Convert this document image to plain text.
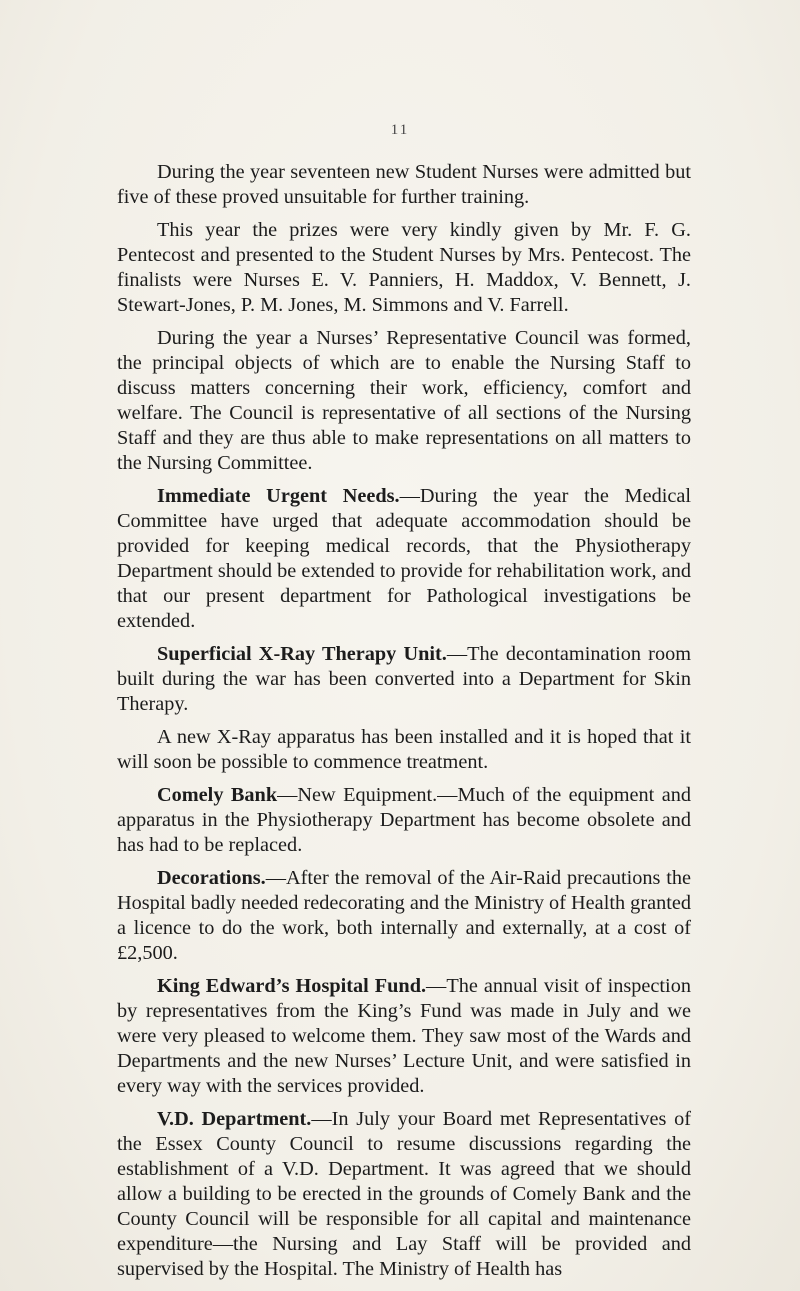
11

During the year seventeen new Student Nurses were admitted but five of these proved unsuitable for further training.

This year the prizes were very kindly given by Mr. F. G. Pentecost and presented to the Student Nurses by Mrs. Pentecost. The finalists were Nurses E. V. Panniers, H. Maddox, V. Bennett, J. Stewart-Jones, P. M. Jones, M. Simmons and V. Farrell.

During the year a Nurses’ Representative Council was formed, the principal objects of which are to enable the Nursing Staff to discuss matters concerning their work, efficiency, comfort and welfare. The Council is representative of all sections of the Nursing Staff and they are thus able to make representations on all matters to the Nursing Committee.

Immediate Urgent Needs.—During the year the Medical Committee have urged that adequate accommodation should be provided for keeping medical records, that the Physiotherapy Department should be extended to provide for rehabilitation work, and that our present department for Pathological investigations be extended.

Superficial X-Ray Therapy Unit.—The decontamination room built during the war has been converted into a Department for Skin Therapy.

A new X-Ray apparatus has been installed and it is hoped that it will soon be possible to commence treatment.

Comely Bank—New Equipment.—Much of the equipment and apparatus in the Physiotherapy Department has become obsolete and has had to be replaced.

Decorations.—After the removal of the Air-Raid precautions the Hospital badly needed redecorating and the Ministry of Health granted a licence to do the work, both internally and externally, at a cost of £2,500.

King Edward’s Hospital Fund.—The annual visit of inspection by representatives from the King’s Fund was made in July and we were very pleased to welcome them. They saw most of the Wards and Departments and the new Nurses’ Lecture Unit, and were satisfied in every way with the services provided.

V.D. Department.—In July your Board met Representatives of the Essex County Council to resume discussions regarding the establishment of a V.D. Department. It was agreed that we should allow a building to be erected in the grounds of Comely Bank and the County Council will be responsible for all capital and maintenance expenditure—the Nursing and Lay Staff will be provided and supervised by the Hospital. The Ministry of Health has
